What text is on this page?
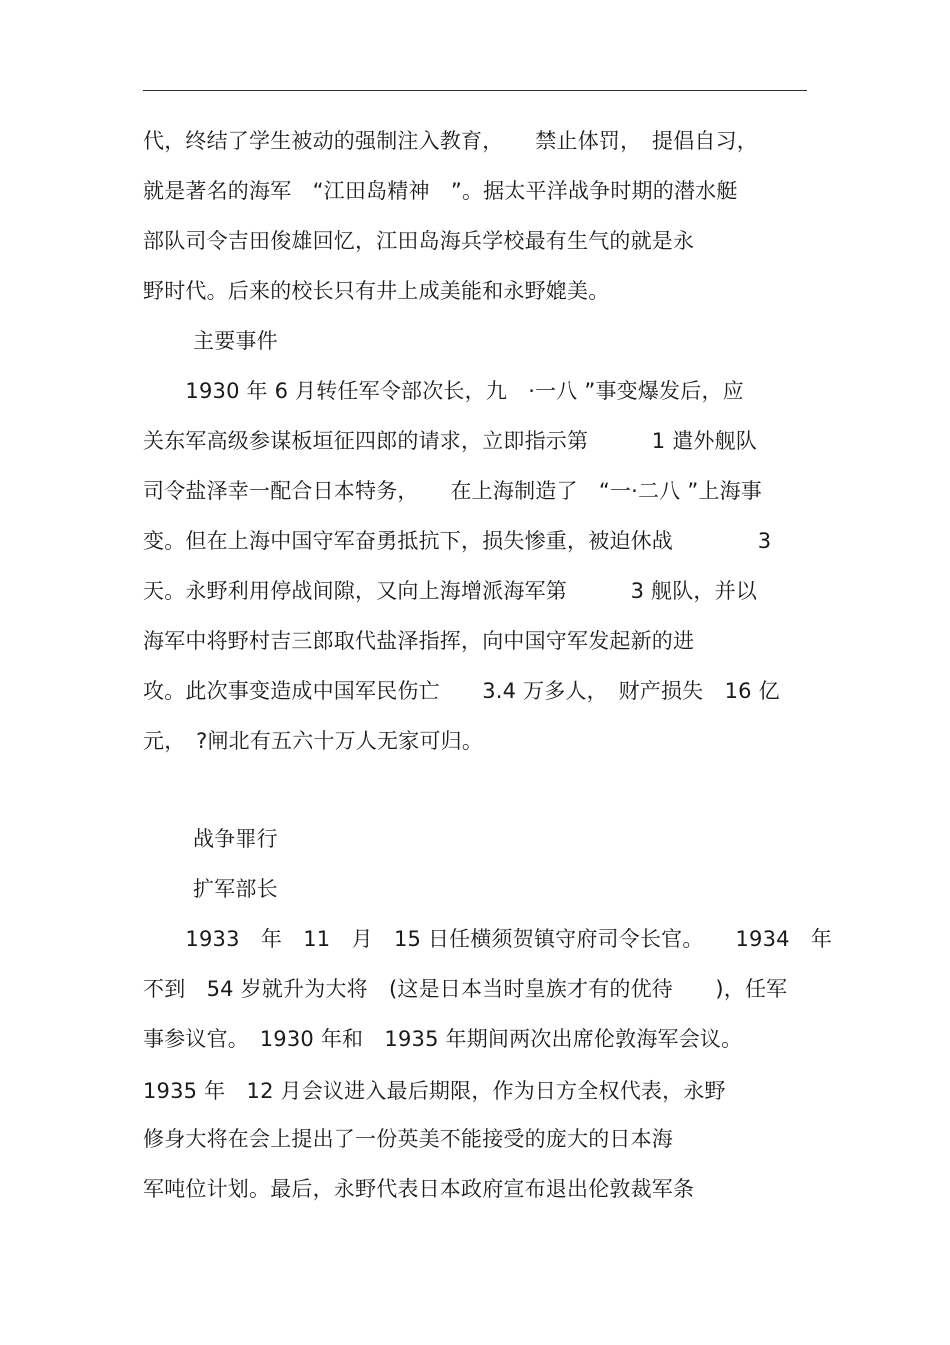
代，终结了学生被动的强制注入教育，　　禁止体罚，　提倡自习，
就是著名的海军　“江田岛精神　”。据太平洋战争时期的潜水艇
部队司令吉田俊雄回忆，江田岛海兵学校最有生气的就是永
野时代。后来的校长只有井上成美能和永野媲美。
主要事件
　　1930 年 6 月转任军令部次长，九　·一八 ”事变爆发后，应
关东军高级参谋板垣征四郎的请求，立即指示第　　　1 遣外舰队
司令盐泽幸一配合日本特务，　　在上海制造了　“一·二八 ”上海事
变。但在上海中国守军奋勇抵抗下，损失惨重，被迫休战　　　　3
天。永野利用停战间隙，又向上海增派海军第　　　3 舰队，并以
海军中将野村吉三郎取代盐泽指挥，向中国守军发起新的进
攻。此次事变造成中国军民伤亡　　3.4 万多人，　财产损失　16 亿
元，　?闸北有五六十万人无家可归。
战争罪行
扩军部长
　　1933　年　11　月　15 日任横须贺镇守府司令长官。　　1934　年
不到　54 岁就升为大将　(这是日本当时皇族才有的优待　　)，任军
事参议官。　1930 年和　1935 年期间两次出席伦敦海军会议。
1935 年　12 月会议进入最后期限，作为日方全权代表，永野
修身大将在会上提出了一份英美不能接受的庞大的日本海
军吨位计划。最后，永野代表日本政府宣布退出伦敦裁军条
